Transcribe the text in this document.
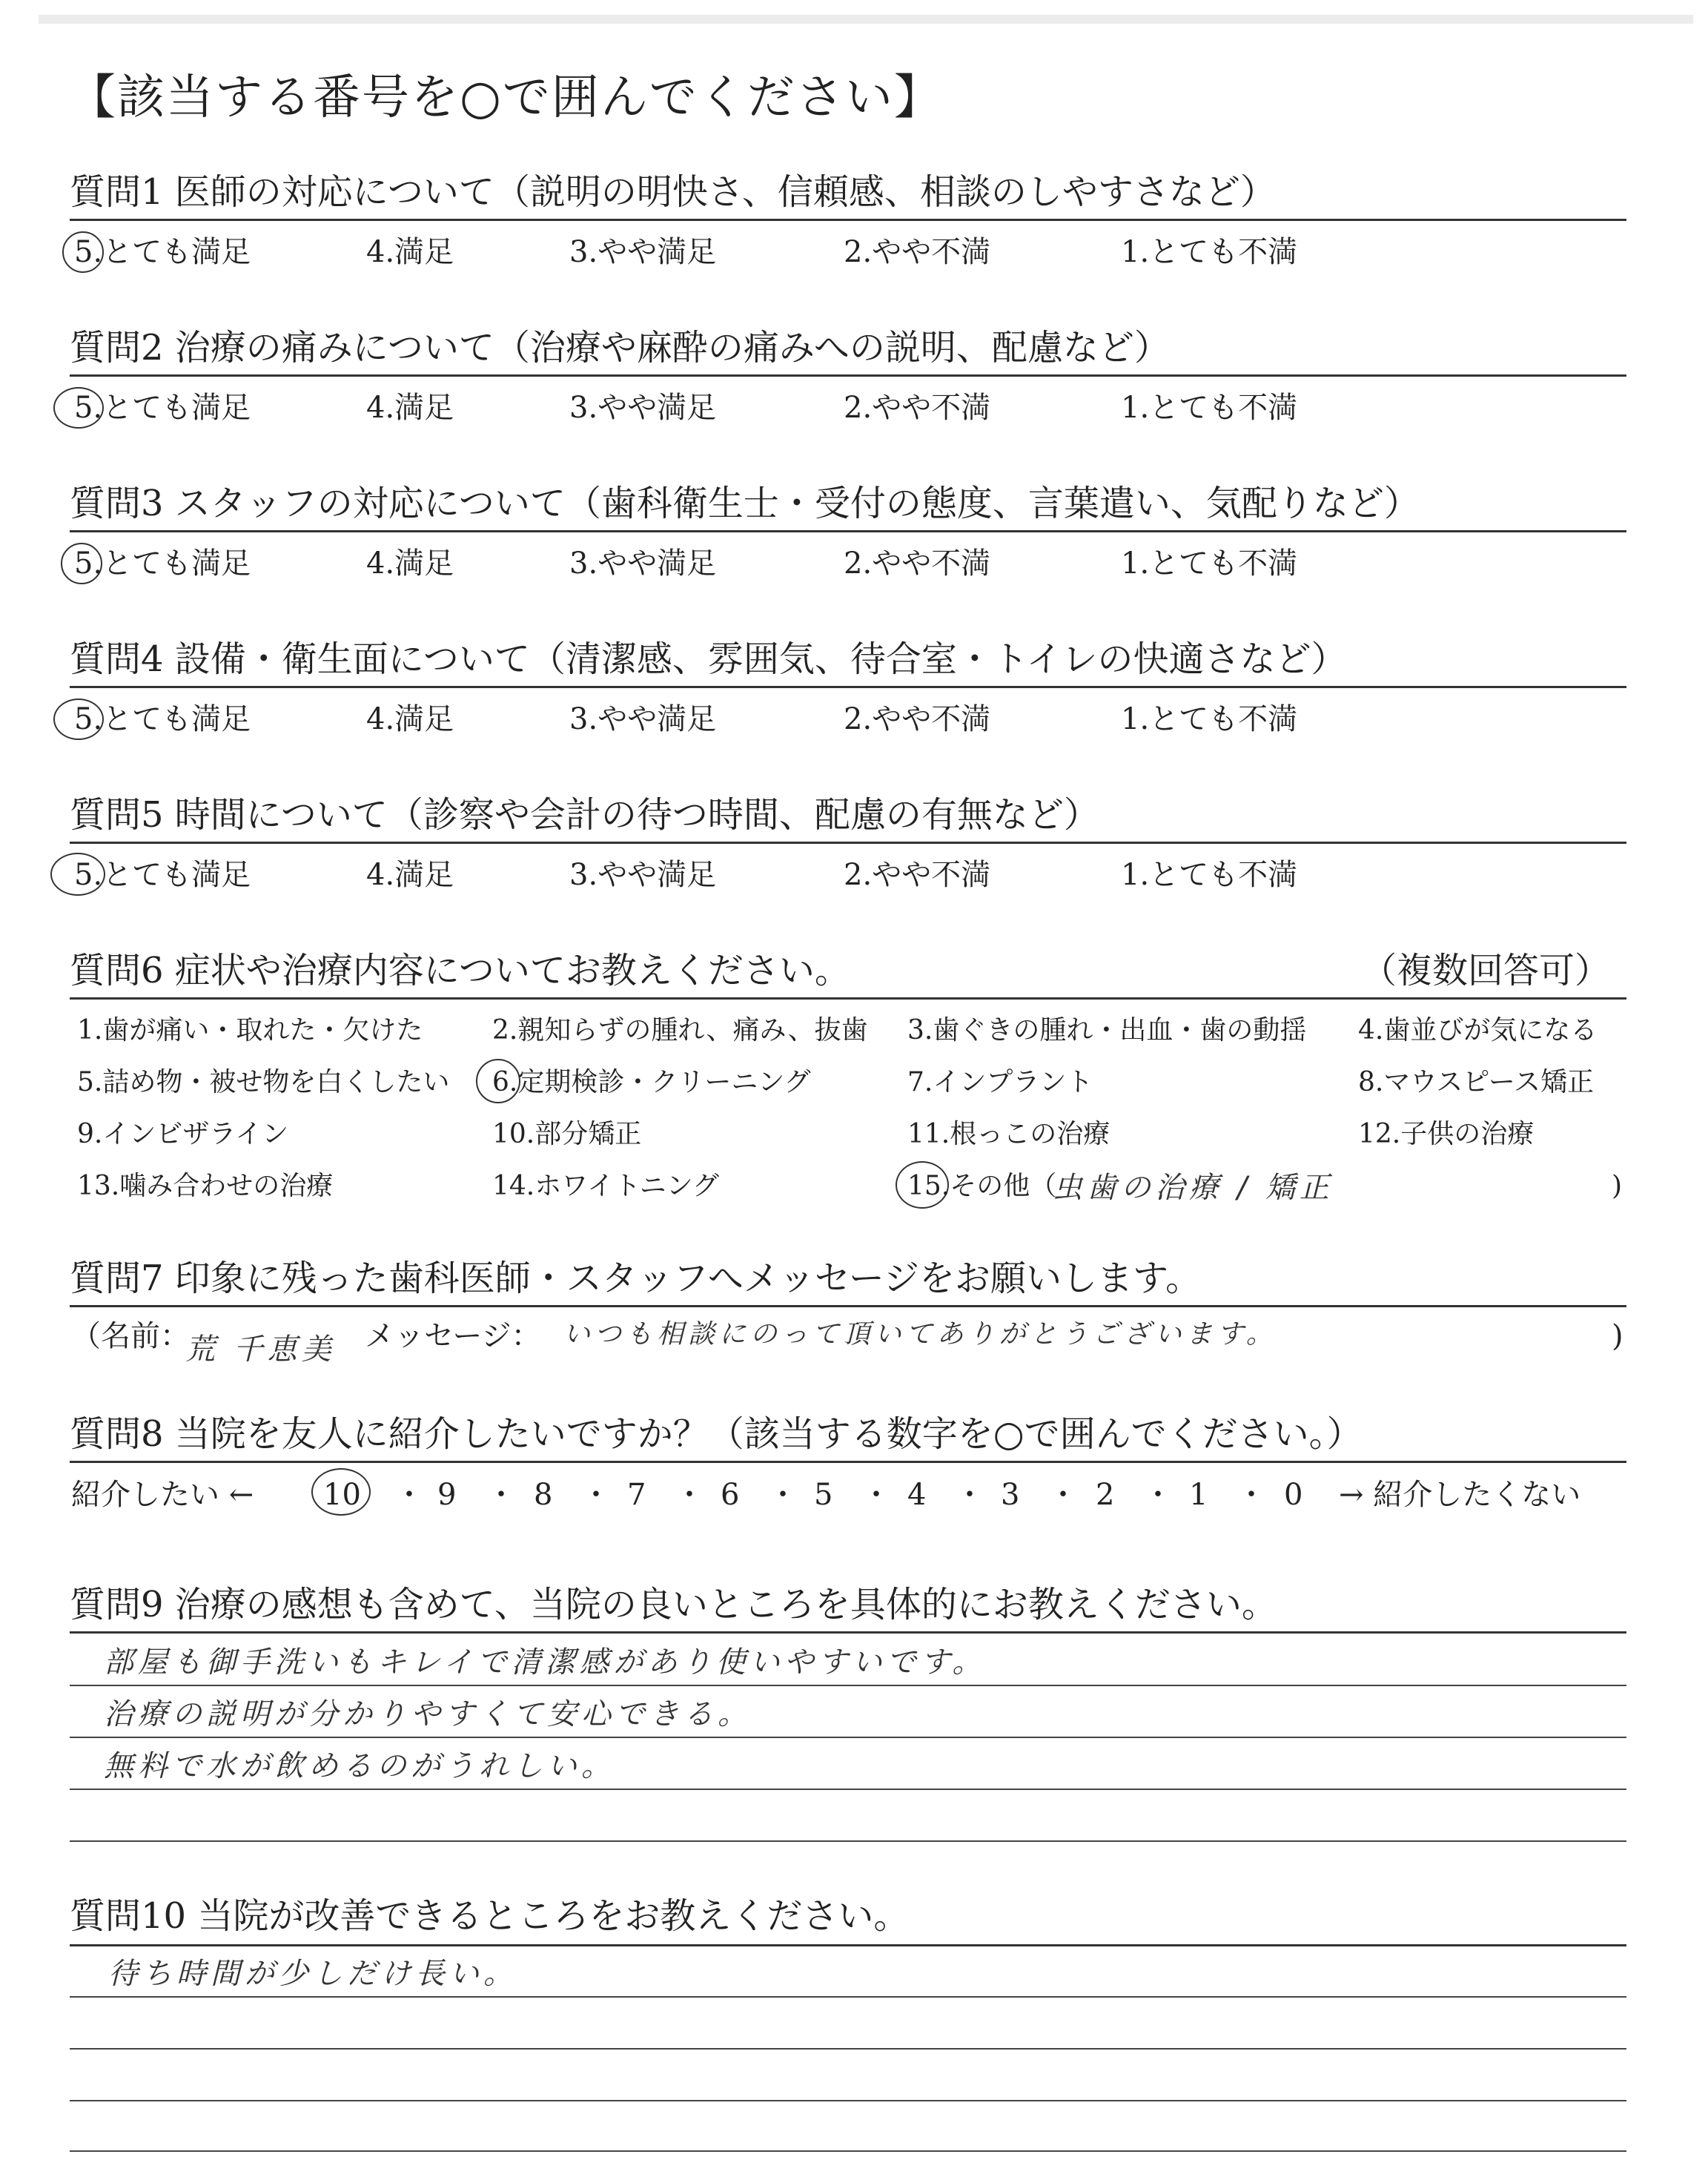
【該当する番号を○で囲んでください】
質問1 医師の対応について（説明の明快さ、信頼感、相談のしやすさなど）
5.とても満足	4.満足	3.やや満足	2.やや不満	1.とても不満
質問2 治療の痛みについて（治療や麻酔の痛みへの説明、配慮など）
5.とても満足	4.満足	3.やや満足	2.やや不満	1.とても不満
質問3 スタッフの対応について（歯科衛生士・受付の態度、言葉遣い、気配りなど）
5.とても満足	4.満足	3.やや満足	2.やや不満	1.とても不満
質問4 設備・衛生面について（清潔感、雰囲気、待合室・トイレの快適さなど）
5.とても満足	4.満足	3.やや満足	2.やや不満	1.とても不満
質問5 時間について（診察や会計の待つ時間、配慮の有無など）
5.とても満足	4.満足	3.やや満足	2.やや不満	1.とても不満
質問6 症状や治療内容についてお教えください。	（複数回答可）
1.歯が痛い・取れた・欠けた	2.親知らずの腫れ、痛み、抜歯 3.歯ぐきの腫れ・出血・歯の動揺 4.歯並びが気になる
5.詰め物・被せ物を白くしたい 6.定期検診・クリーニング	7.インプラント	8.マウスピース矯正
9.インビザライン	10.部分矯正	11.根っこの治療	12.子供の治療
13.噛み合わせの治療	14.ホワイトニング	15.その他（
虫歯の治療 / 矯正	)
質問7 印象に残った歯科医師・スタッフへメッセージをお願いします。
（名前：
荒 千恵美 メッセージ： いつも相談にのって頂いてありがとうございます。	)
質問8 当院を友人に紹介したいですか？（該当する数字を○で囲んでください。）
紹介したい ← 10 ・ 9 ・ 8 ・ 7 ・ 6 ・ 5 ・ 4 ・ 3 ・ 2 ・ 1 ・ 0 → 紹介したくない
質問9 治療の感想も含めて、当院の良いところを具体的にお教えください。
部屋も御手洗いもキレイで清潔感があり使いやすいです。
治療の説明が分かりやすくて安心できる。
無料で水が飲めるのがうれしい。
質問10 当院が改善できるところをお教えください。
待ち時間が少しだけ長い。
